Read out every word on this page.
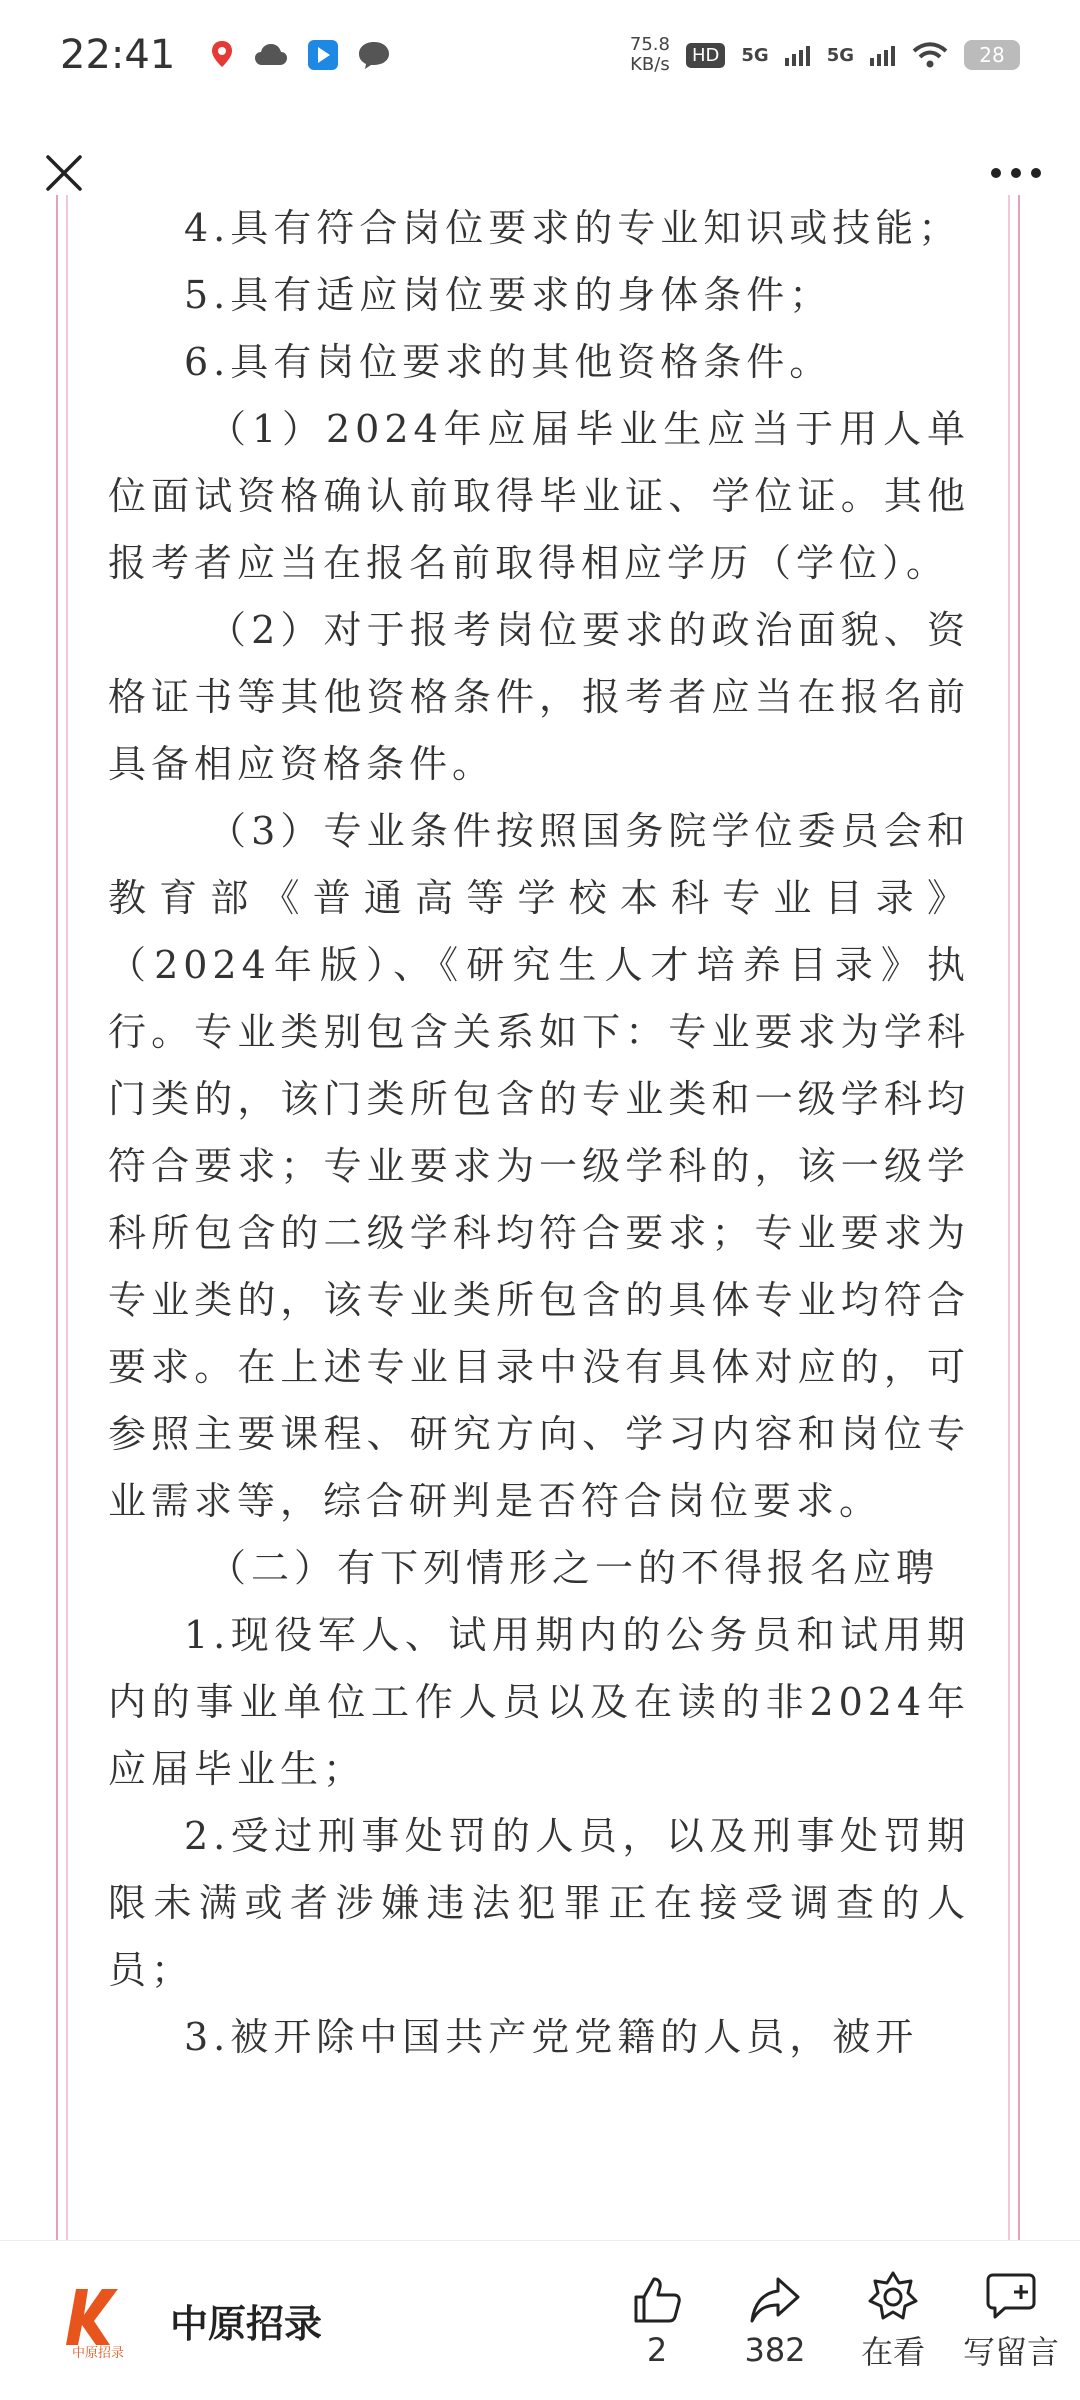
22:41	75.8
KB/s	HD	5G	5G	28

4.具有符合岗位要求的专业知识或技能；

5.具有适应岗位要求的身体条件；

6.具有岗位要求的其他资格条件。

（1）2024年应届毕业生应当于用人单位面试资格确认前取得毕业证、学位证。其他报考者应当在报名前取得相应学历（学位）。

（2）对于报考岗位要求的政治面貌、资格证书等其他资格条件，报考者应当在报名前具备相应资格条件。

（3）专业条件按照国务院学位委员会和教育部《普通高等学校本科专业目录》（2024年版）、《研究生人才培养目录》执行。专业类别包含关系如下：专业要求为学科门类的，该门类所包含的专业类和一级学科均符合要求；专业要求为一级学科的，该一级学科所包含的二级学科均符合要求；专业要求为专业类的，该专业类所包含的具体专业均符合要求。在上述专业目录中没有具体对应的，可参照主要课程、研究方向、学习内容和岗位专业需求等，综合研判是否符合岗位要求。

（二）有下列情形之一的不得报名应聘

1.现役军人、试用期内的公务员和试用期内的事业单位工作人员以及在读的非2024年应届毕业生；

2.受过刑事处罚的人员，以及刑事处罚期限未满或者涉嫌违法犯罪正在接受调查的人员；

3.被开除中国共产党党籍的人员，被开

中原招录
中原招录
2 382 在看 写留言
